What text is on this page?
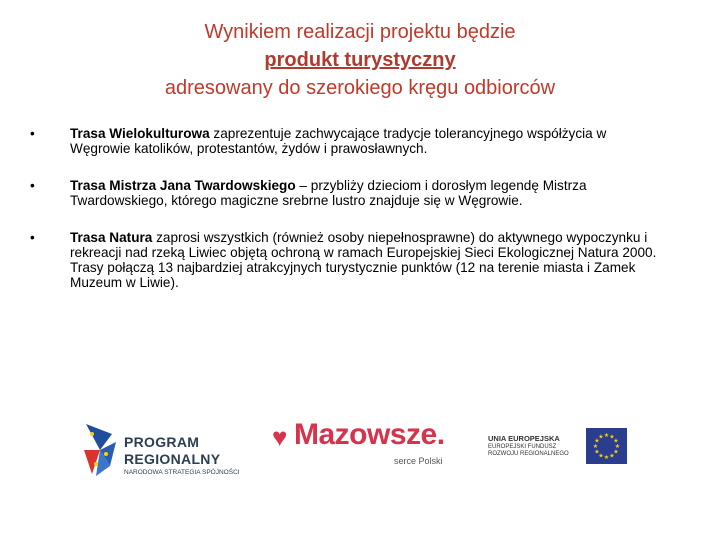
Wynikiem realizacji projektu będzie
produkt turystyczny
adresowany do szerokiego kręgu odbiorców
•	Trasa Wielokulturowa zaprezentuje zachwycające tradycje tolerancyjnego współżycia w Węgrowie katolików, protestantów, żydów i prawosławnych.
•	Trasa Mistrza Jana Twardowskiego – przybliży dzieciom i dorosłym legendę Mistrza Twardowskiego, którego magiczne srebrne lustro znajduje się w Węgrowie.
•	Trasa Natura zaprosi wszystkich (również osoby niepełnosprawne) do aktywnego wypoczynku i rekreacji nad rzeką Liwiec objętą ochroną w ramach Europejskiej Sieci Ekologicznej Natura 2000. Trasy połączą 13 najbardziej atrakcyjnych turystycznie punktów (12 na terenie miasta i Zamek Muzeum w Liwie).
PROGRAM
REGIONALNY
NARODOWA STRATEGIA SPÓJNOŚCI
♥ Mazowsze.
serce Polski
UNIA EUROPEJSKA
EUROPEJSKI FUNDUSZ
ROZWOJU REGIONALNEGO
★
★
★
★
★
★
★
★
★ ★ ★
★
